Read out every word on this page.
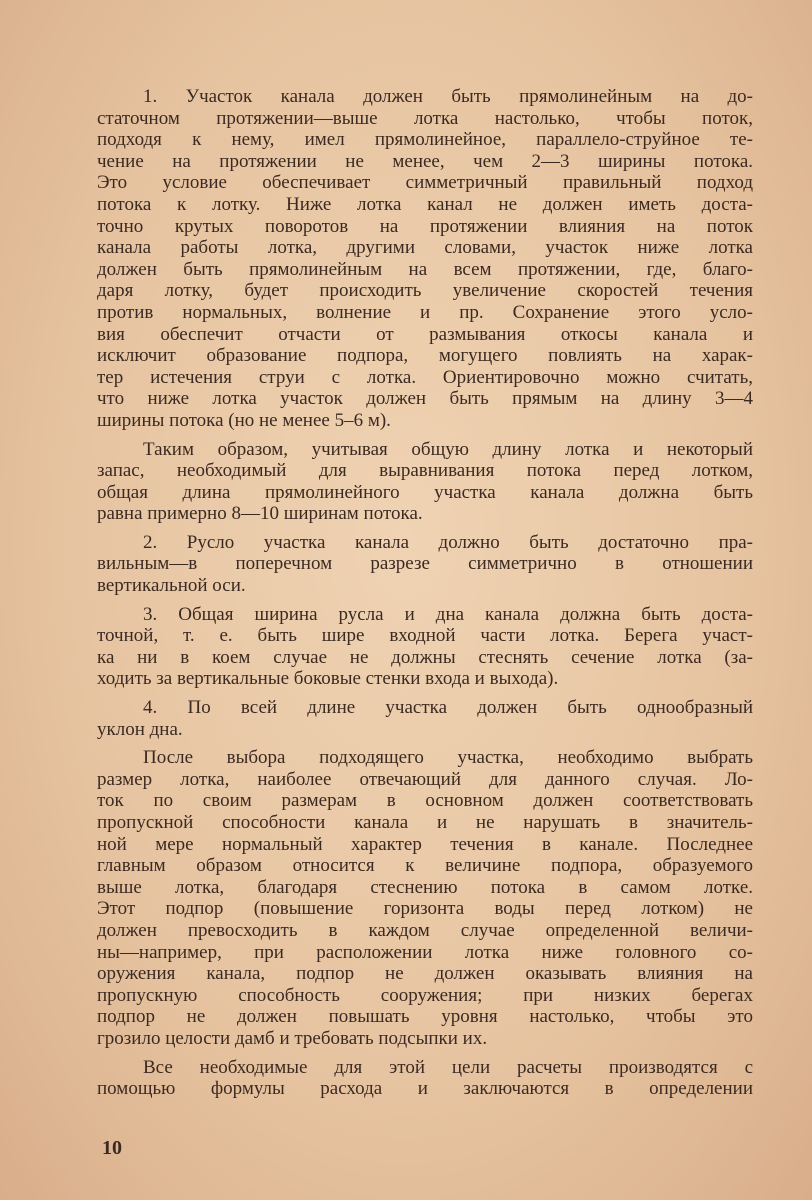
1. Участок канала должен быть прямолинейным на до-
статочном протяжении—выше лотка настолько, чтобы поток,
подходя к нему, имел прямолинейное, параллело-струйное те-
чение на протяжении не менее, чем 2—3 ширины потока.
Это условие обеспечивает симметричный правильный подход
потока к лотку. Ниже лотка канал не должен иметь доста-
точно крутых поворотов на протяжении влияния на поток
канала работы лотка, другими словами, участок ниже лотка
должен быть прямолинейным на всем протяжении, где, благо-
даря лотку, будет происходить увеличение скоростей течения
против нормальных, волнение и пр. Сохранение этого усло-
вия обеспечит отчасти от размывания откосы канала и
исключит образование подпора, могущего повлиять на харак-
тер истечения струи с лотка. Ориентировочно можно считать,
что ниже лотка участок должен быть прямым на длину 3—4
ширины потока (но не менее 5–6 м).
Таким образом, учитывая общую длину лотка и некоторый
запас, необходимый для выравнивания потока перед лотком,
общая длина прямолинейного участка канала должна быть
равна примерно 8—10 ширинам потока.
2. Русло участка канала должно быть достаточно пра-
вильным—в поперечном разрезе симметрично в отношении
вертикальной оси.
3. Общая ширина русла и дна канала должна быть доста-
точной, т. е. быть шире входной части лотка. Берега участ-
ка ни в коем случае не должны стеснять сечение лотка (за-
ходить за вертикальные боковые стенки входа и выхода).
4. По всей длине участка должен быть однообразный
уклон дна.
После выбора подходящего участка, необходимо выбрать
размер лотка, наиболее отвечающий для данного случая. Ло-
ток по своим размерам в основном должен соответствовать
пропускной способности канала и не нарушать в значитель-
ной мере нормальный характер течения в канале. Последнее
главным образом относится к величине подпора, образуемого
выше лотка, благодаря стеснению потока в самом лотке.
Этот подпор (повышение горизонта воды перед лотком) не
должен превосходить в каждом случае определенной величи-
ны—например, при расположении лотка ниже головного со-
оружения канала, подпор не должен оказывать влияния на
пропускную способность сооружения; при низких берегах
подпор не должен повышать уровня настолько, чтобы это
грозило целости дамб и требовать подсыпки их.
Все необходимые для этой цели расчеты производятся с
помощью формулы расхода и заключаются в определении
10
